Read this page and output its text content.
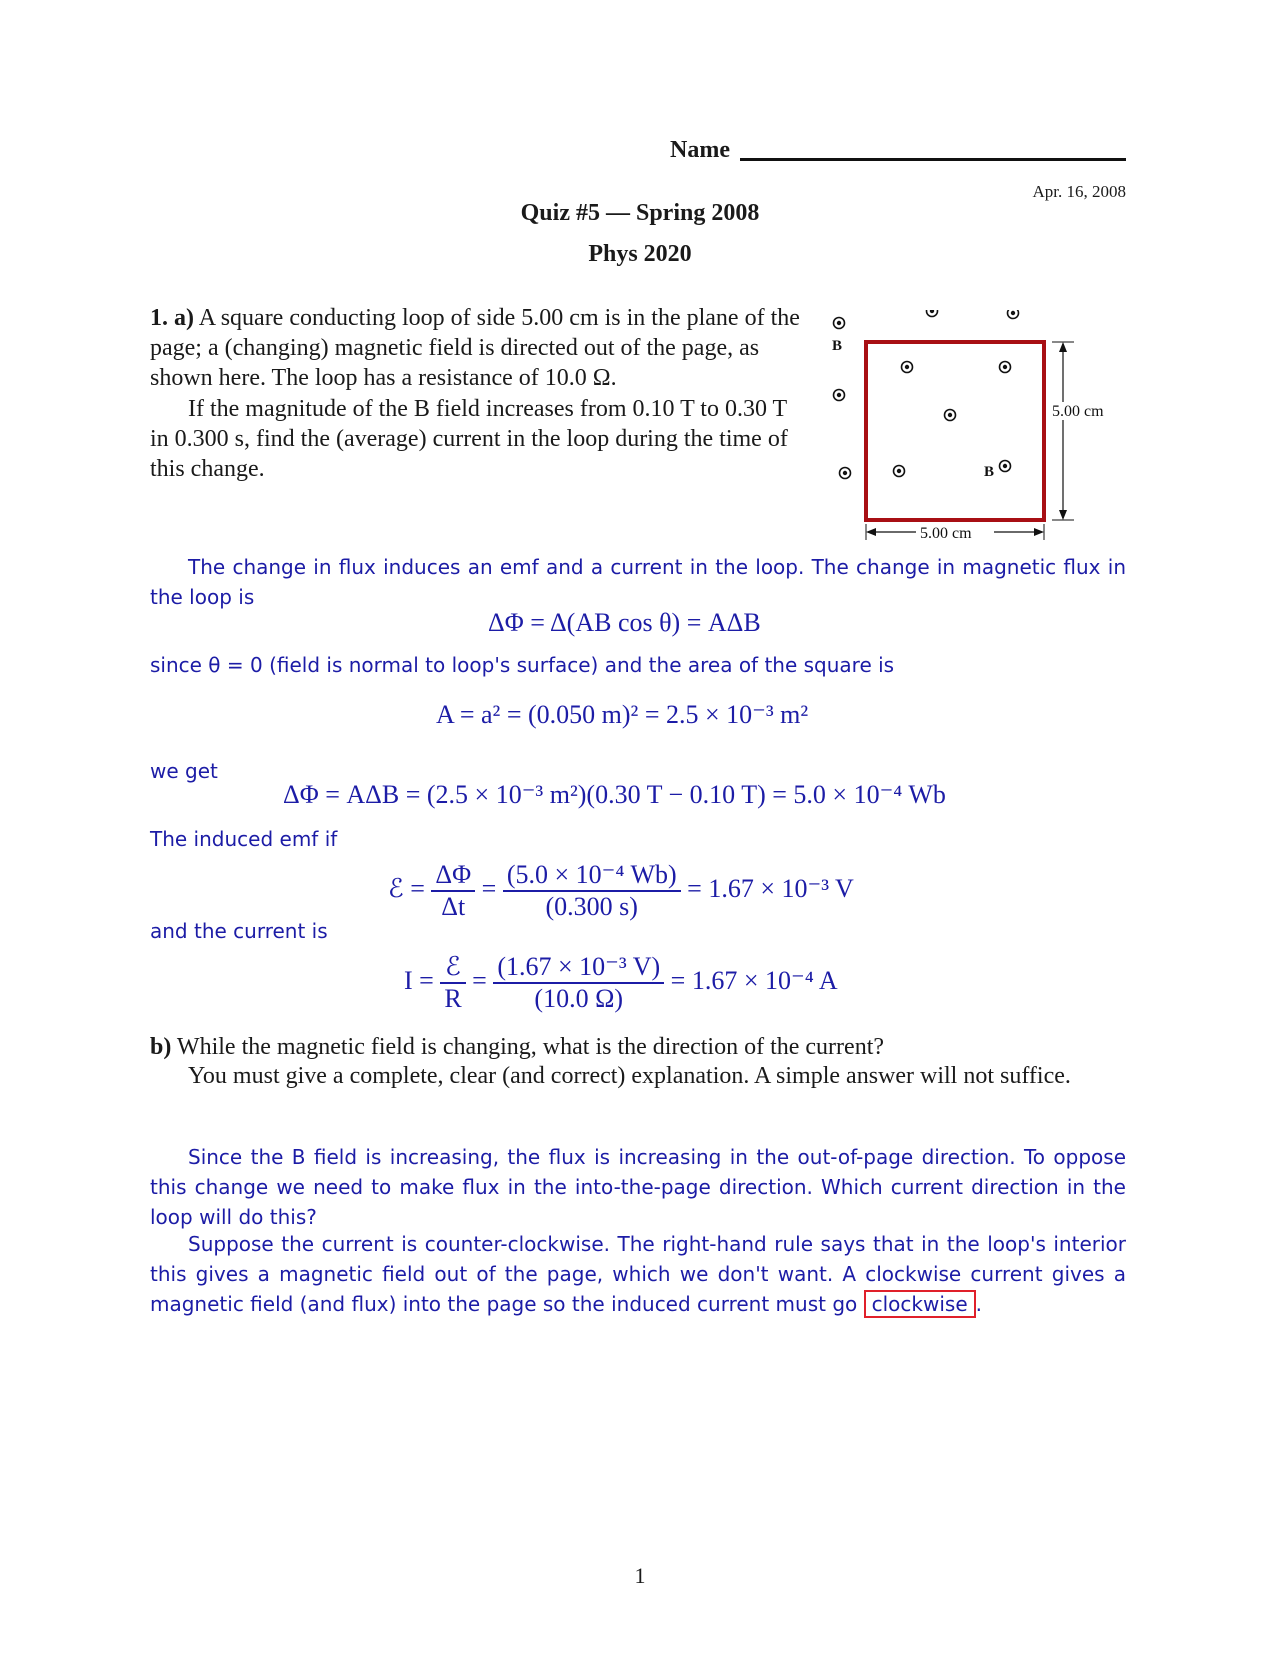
Name
Apr. 16, 2008
Quiz #5 — Spring 2008
Phys 2020
1. a) A square conducting loop of side 5.00 cm is in the plane of the page; a (changing) magnetic field is directed out of the page, as shown here. The loop has a resistance of 10.0 Ω.
If the magnitude of the B field increases from 0.10 T to 0.30 T in 0.300 s, find the (average) current in the loop during the time of this change.
B
B
5.00 cm
5.00 cm
The change in flux induces an emf and a current in the loop. The change in magnetic flux in the loop is
ΔΦ = Δ(AB cos θ) = AΔB
since θ = 0 (field is normal to loop's surface) and the area of the square is
A = a² = (0.050 m)² = 2.5 × 10⁻³ m²
we get
ΔΦ = AΔB = (2.5 × 10⁻³ m²)(0.30 T − 0.10 T) = 5.0 × 10⁻⁴ Wb
The induced emf if
ℰ = $\frac{\Delta\Phi}{\Delta t} = \frac{\text{(5.0 × 10⁻⁴ Wb)}}{(0.300 s)} = 1.67 \times 10^{-3}$ V
and the current is
$I = \frac{\text{ℰ}}{R} = \frac{\text{(1.67 × 10⁻³ V)}}{(10.0 \Omega)} = 1.67 \times 10^{-4}$ A
b) While the magnetic field is changing, what is the direction of the current?
You must give a complete, clear (and correct) explanation. A simple answer will not suffice.
Since the B field is increasing, the flux is increasing in the out-of-page direction. To oppose this change we need to make flux in the into-the-page direction. Which current direction in the loop will do this?
Suppose the current is counter-clockwise. The right-hand rule says that in the loop's interior this gives a magnetic field out of the page, which we don't want. A clockwise current gives a magnetic field (and flux) into the page so the induced current must go clockwise .
1
